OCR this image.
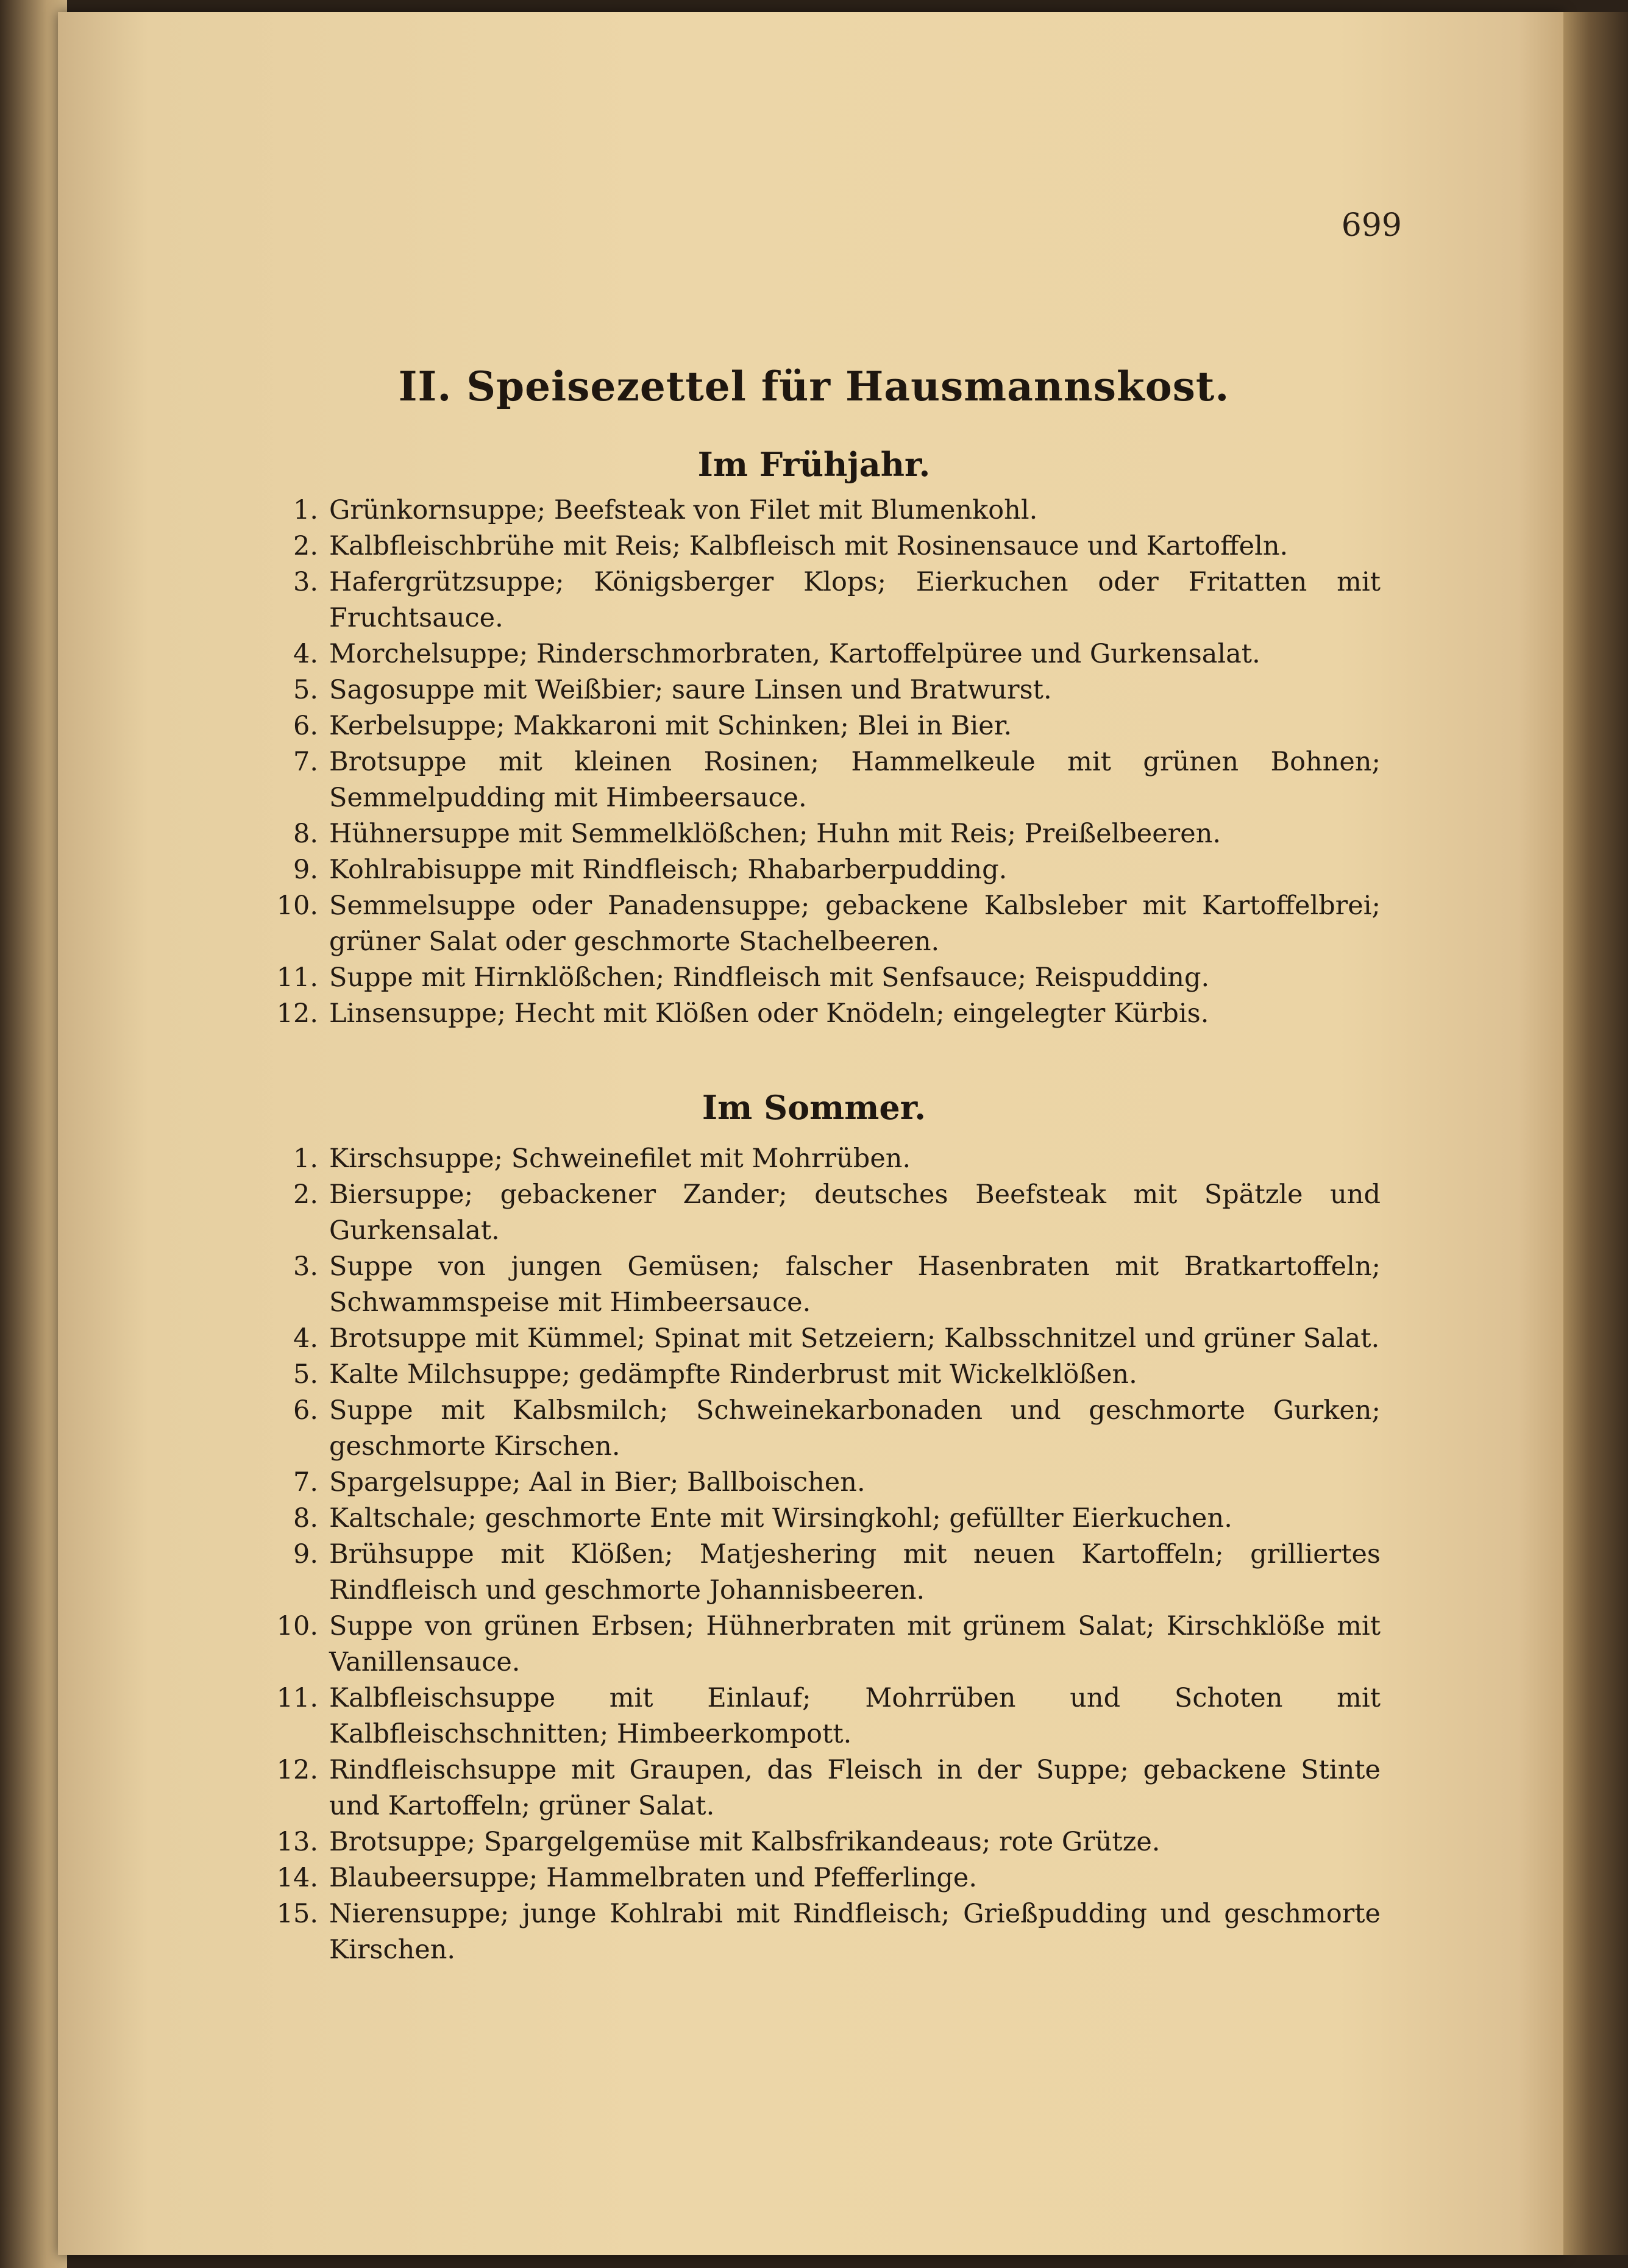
699
II. Speisezettel für Hausmannskost.
Im Frühjahr.
1. Grünkornsuppe; Beefsteak von Filet mit Blumenkohl.
2. Kalbfleischbrühe mit Reis; Kalbfleisch mit Rosinensauce und Kartoffeln.
3. Hafergrützsuppe; Königsberger Klops; Eierkuchen oder Fritatten mit Fruchtsauce.
4. Morchelsuppe; Rinderschmorbraten, Kartoffelpüree und Gurkensalat.
5. Sagosuppe mit Weißbier; saure Linsen und Bratwurst.
6. Kerbelsuppe; Makkaroni mit Schinken; Blei in Bier.
7. Brotsuppe mit kleinen Rosinen; Hammelkeule mit grünen Bohnen; Semmelpudding mit Himbeersauce.
8. Hühnersuppe mit Semmelklößchen; Huhn mit Reis; Preißelbeeren.
9. Kohlrabisuppe mit Rindfleisch; Rhabarberpudding.
10. Semmelsuppe oder Panadensuppe; gebackene Kalbsleber mit Kartoffelbrei; grüner Salat oder geschmorte Stachelbeeren.
11. Suppe mit Hirnklößchen; Rindfleisch mit Senfsauce; Reispudding.
12. Linsensuppe; Hecht mit Klößen oder Knödeln; eingelegter Kürbis.
Im Sommer.
1. Kirschsuppe; Schweinefilet mit Mohrrüben.
2. Biersuppe; gebackener Zander; deutsches Beefsteak mit Spätzle und Gurkensalat.
3. Suppe von jungen Gemüsen; falscher Hasenbraten mit Bratkartoffeln; Schwammspeise mit Himbeersauce.
4. Brotsuppe mit Kümmel; Spinat mit Setzeiern; Kalbsschnitzel und grüner Salat.
5. Kalte Milchsuppe; gedämpfte Rinderbrust mit Wickelklößen.
6. Suppe mit Kalbsmilch; Schweinekarbonaden und geschmorte Gurken; geschmorte Kirschen.
7. Spargelsuppe; Aal in Bier; Ballboischen.
8. Kaltschale; geschmorte Ente mit Wirsingkohl; gefüllter Eierkuchen.
9. Brühsuppe mit Klößen; Matjeshering mit neuen Kartoffeln; grilliertes Rindfleisch und geschmorte Johannisbeeren.
10. Suppe von grünen Erbsen; Hühnerbraten mit grünem Salat; Kirschklöße mit Vanillensauce.
11. Kalbfleischsuppe mit Einlauf; Mohrrüben und Schoten mit Kalbfleischschnitten; Himbeerkompott.
12. Rindfleischsuppe mit Graupen, das Fleisch in der Suppe; gebackene Stinte und Kartoffeln; grüner Salat.
13. Brotsuppe; Spargelgemüse mit Kalbsfrikandeaus; rote Grütze.
14. Blaubeersuppe; Hammelbraten und Pfefferlinge.
15. Nierensuppe; junge Kohlrabi mit Rindfleisch; Grießpudding und geschmorte Kirschen.
